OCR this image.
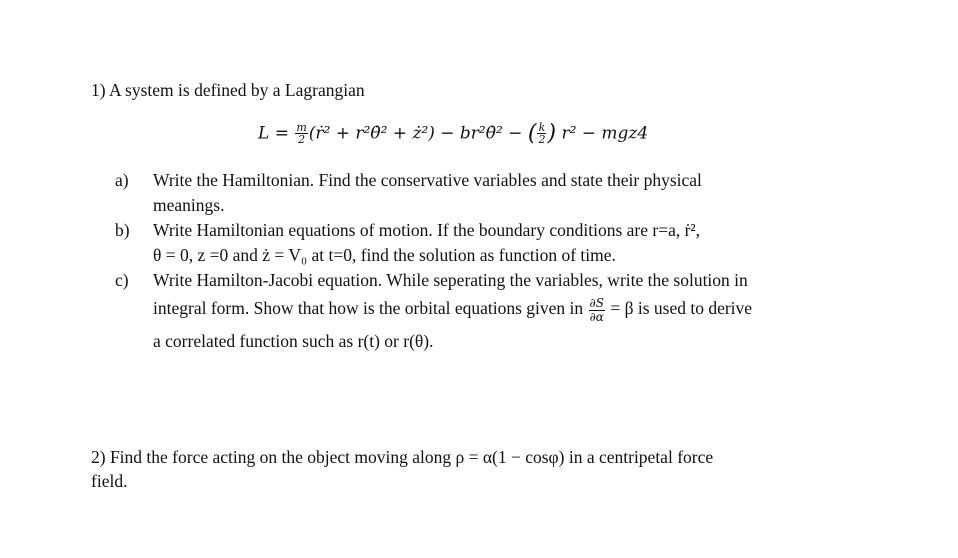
1) A system is defined by a Lagrangian
$L = \frac{m}{2}$ (ṙ² + r²θ̇² + ż²) − br²θ̇² − ( $\frac{k}{2}$ ) r² − mgz4
a) Write the Hamiltonian. Find the conservative variables and state their physical
meanings.
b) Write Hamiltonian equations of motion. If the boundary conditions are r=a, ṙ²,
θ = 0, z =0 and ż = V₀ at t=0, find the solution as function of time.
c) Write Hamilton-Jacobi equation. While seperating the variables, write the solution in
integral form. Show that how is the orbital equations given in $\frac{\partial S}{\partial\alpha} = \beta$ is used to derive
a correlated function such as r(t) or r(θ).
2) Find the force acting on the object moving along ρ = α(1 − cosφ) in a centripetal force
field.
